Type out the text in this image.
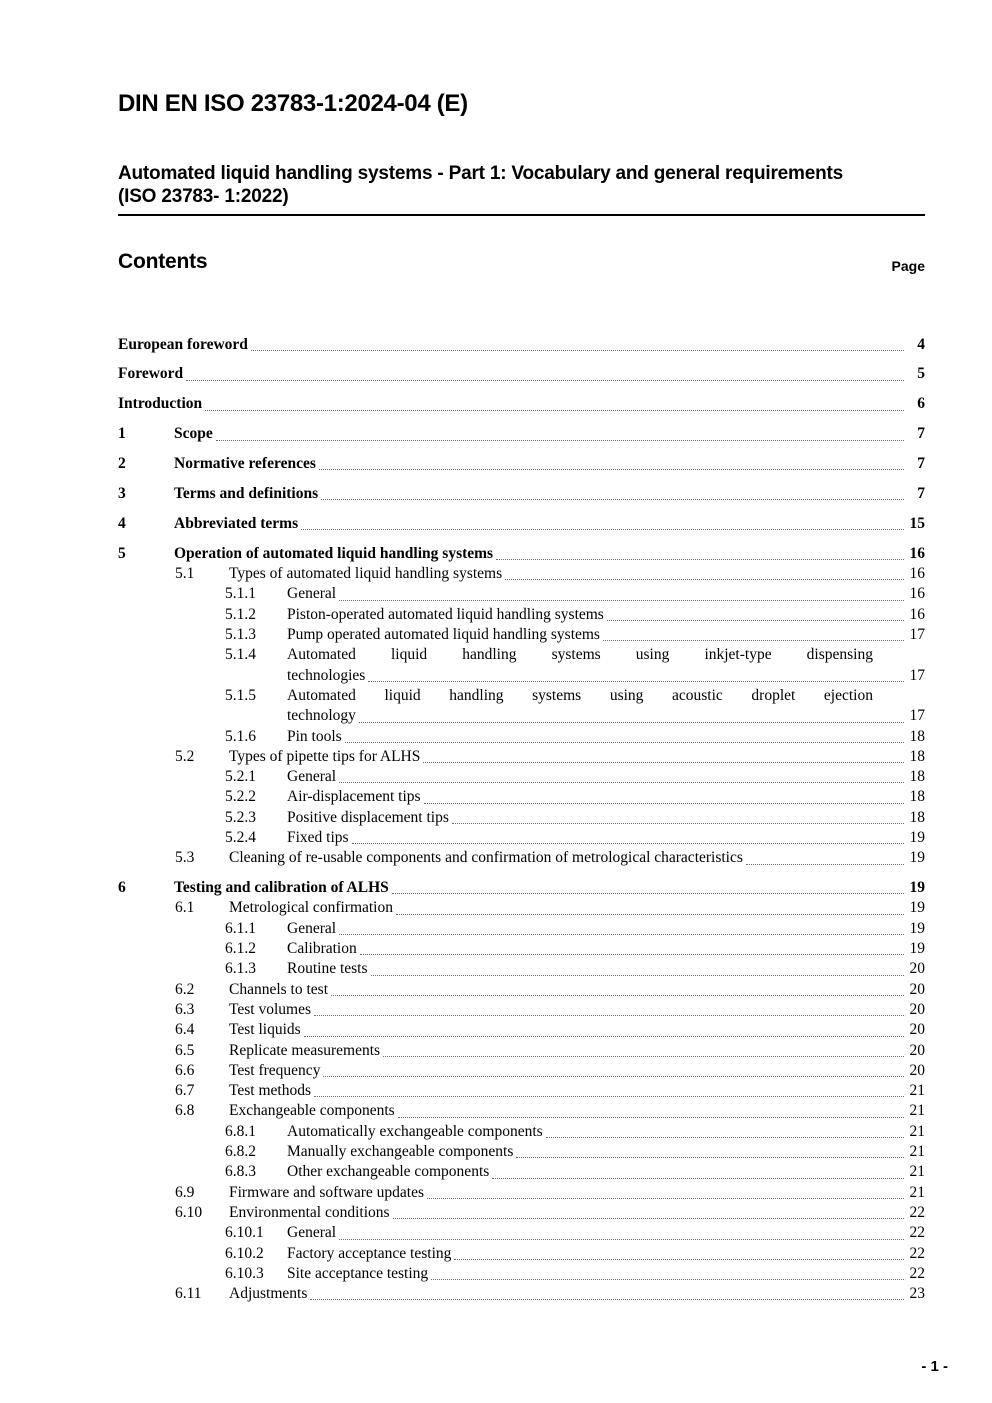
DIN EN ISO 23783-1:2024-04 (E)
Automated liquid handling systems - Part 1: Vocabulary and general requirements
(ISO 23783- 1:2022)
Contents	Page
European foreword	4
Foreword	5
Introduction	6
1	Scope	7
2	Normative references	7
3	Terms and definitions	7
4	Abbreviated terms	15
5	Operation of automated liquid handling systems	16
5.1	Types of automated liquid handling systems	16
5.1.1	General	16
5.1.2	Piston-operated automated liquid handling systems	16
5.1.3	Pump operated automated liquid handling systems	17
5.1.4	Automated liquid handling systems using inkjet-type dispensing
technologies	17
5.1.5	Automated liquid handling systems using acoustic droplet ejection
technology	17
5.1.6	Pin tools	18
5.2	Types of pipette tips for ALHS	18
5.2.1	General	18
5.2.2	Air-displacement tips	18
5.2.3	Positive displacement tips	18
5.2.4	Fixed tips	19
5.3	Cleaning of re-usable components and confirmation of metrological characteristics	19
6	Testing and calibration of ALHS	19
6.1	Metrological confirmation	19
6.1.1	General	19
6.1.2	Calibration	19
6.1.3	Routine tests	20
6.2	Channels to test	20
6.3	Test volumes	20
6.4	Test liquids	20
6.5	Replicate measurements	20
6.6	Test frequency	20
6.7	Test methods	21
6.8	Exchangeable components	21
6.8.1	Automatically exchangeable components	21
6.8.2	Manually exchangeable components	21
6.8.3	Other exchangeable components	21
6.9	Firmware and software updates	21
6.10	Environmental conditions	22
6.10.1	General	22
6.10.2	Factory acceptance testing	22
6.10.3	Site acceptance testing	22
6.11	Adjustments	23
- 1 -
